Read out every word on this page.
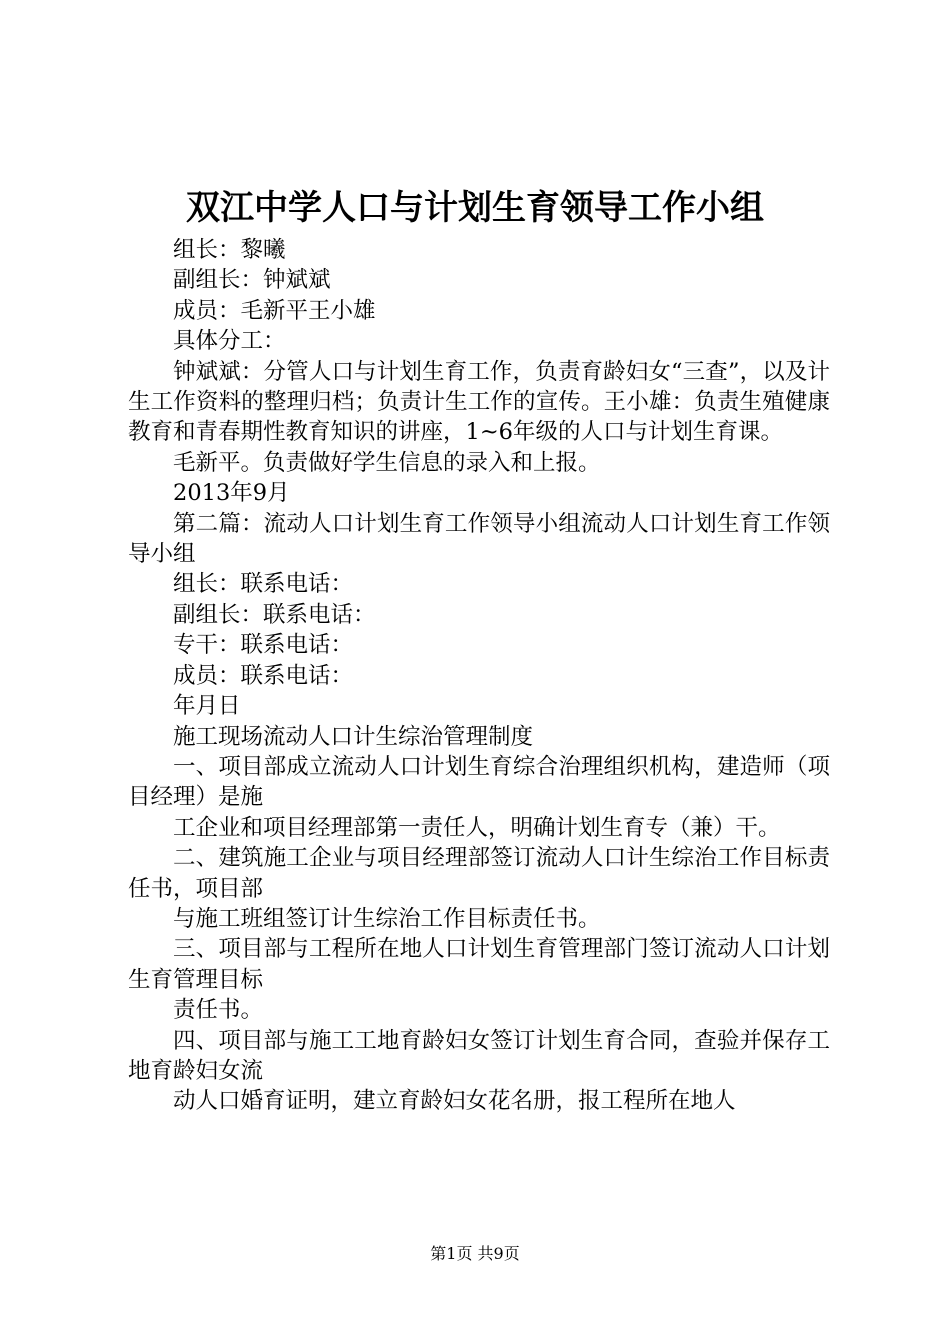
双江中学人口与计划生育领导工作小组

组长：黎曦

副组长：钟斌斌

成员：毛新平王小雄

具体分工：

钟斌斌：分管人口与计划生育工作，负责育龄妇女“三查”，以及计生工作资料的整理归档；负责计生工作的宣传。王小雄：负责生殖健康教育和青春期性教育知识的讲座，1~6年级的人口与计划生育课。

毛新平。负责做好学生信息的录入和上报。

2013年9月

第二篇：流动人口计划生育工作领导小组流动人口计划生育工作领导小组

组长：联系电话：

副组长：联系电话：

专干：联系电话：

成员：联系电话：

年月日

施工现场流动人口计生综治管理制度

一、项目部成立流动人口计划生育综合治理组织机构，建造师（项目经理）是施

工企业和项目经理部第一责任人，明确计划生育专（兼）干。

二、建筑施工企业与项目经理部签订流动人口计生综治工作目标责任书，项目部

与施工班组签订计生综治工作目标责任书。

三、项目部与工程所在地人口计划生育管理部门签订流动人口计划生育管理目标

责任书。

四、项目部与施工工地育龄妇女签订计划生育合同，查验并保存工地育龄妇女流

动人口婚育证明，建立育龄妇女花名册，报工程所在地人

第1页 共9页
